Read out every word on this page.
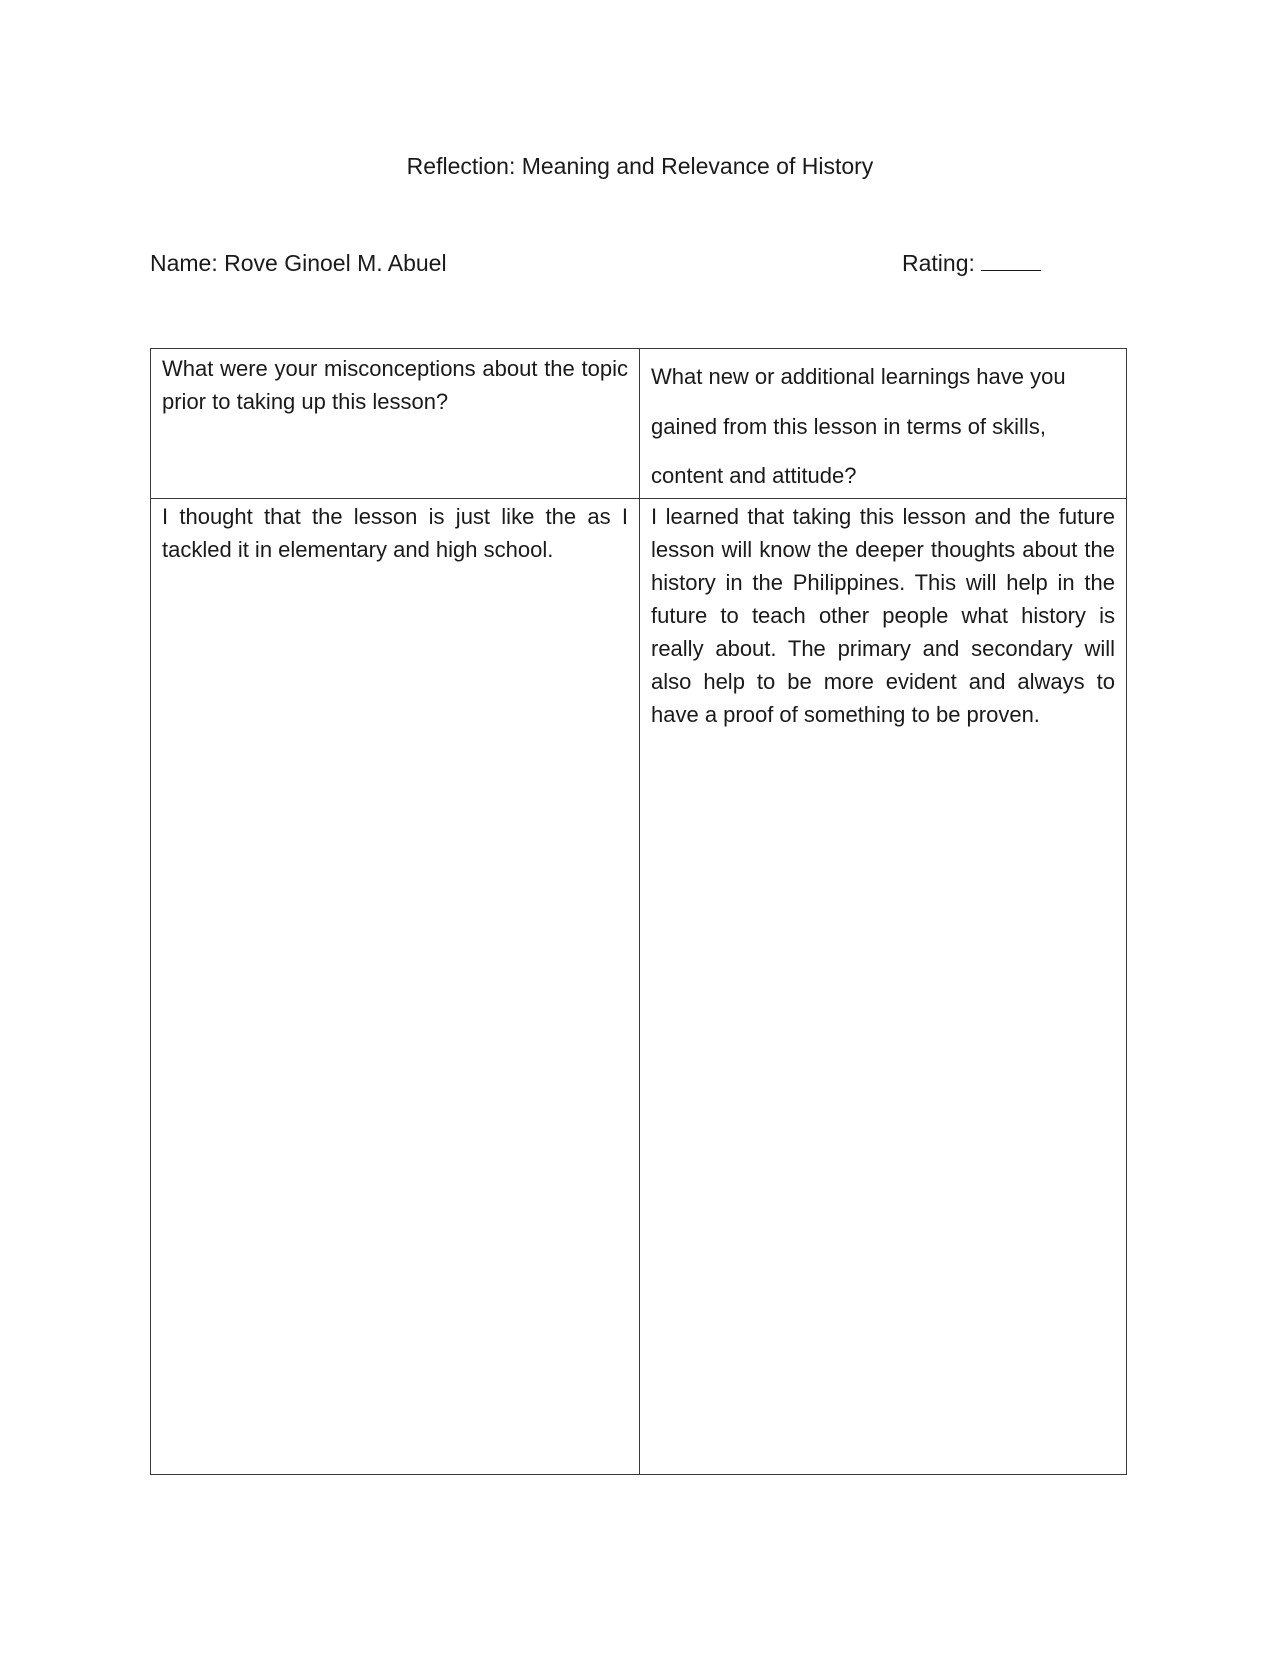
Reflection: Meaning and Relevance of History
Name: Rove Ginoel M. Abuel	Rating:
What were your misconceptions about the topic prior to taking up this lesson?
What new or additional learnings have you gained from this lesson in terms of skills, content and attitude?
I thought that the lesson is just like the as I tackled it in elementary and high school.
I learned that taking this lesson and the future lesson will know the deeper thoughts about the history in the Philippines. This will help in the future to teach other people what history is really about. The primary and secondary will also help to be more evident and always to have a proof of something to be proven.
